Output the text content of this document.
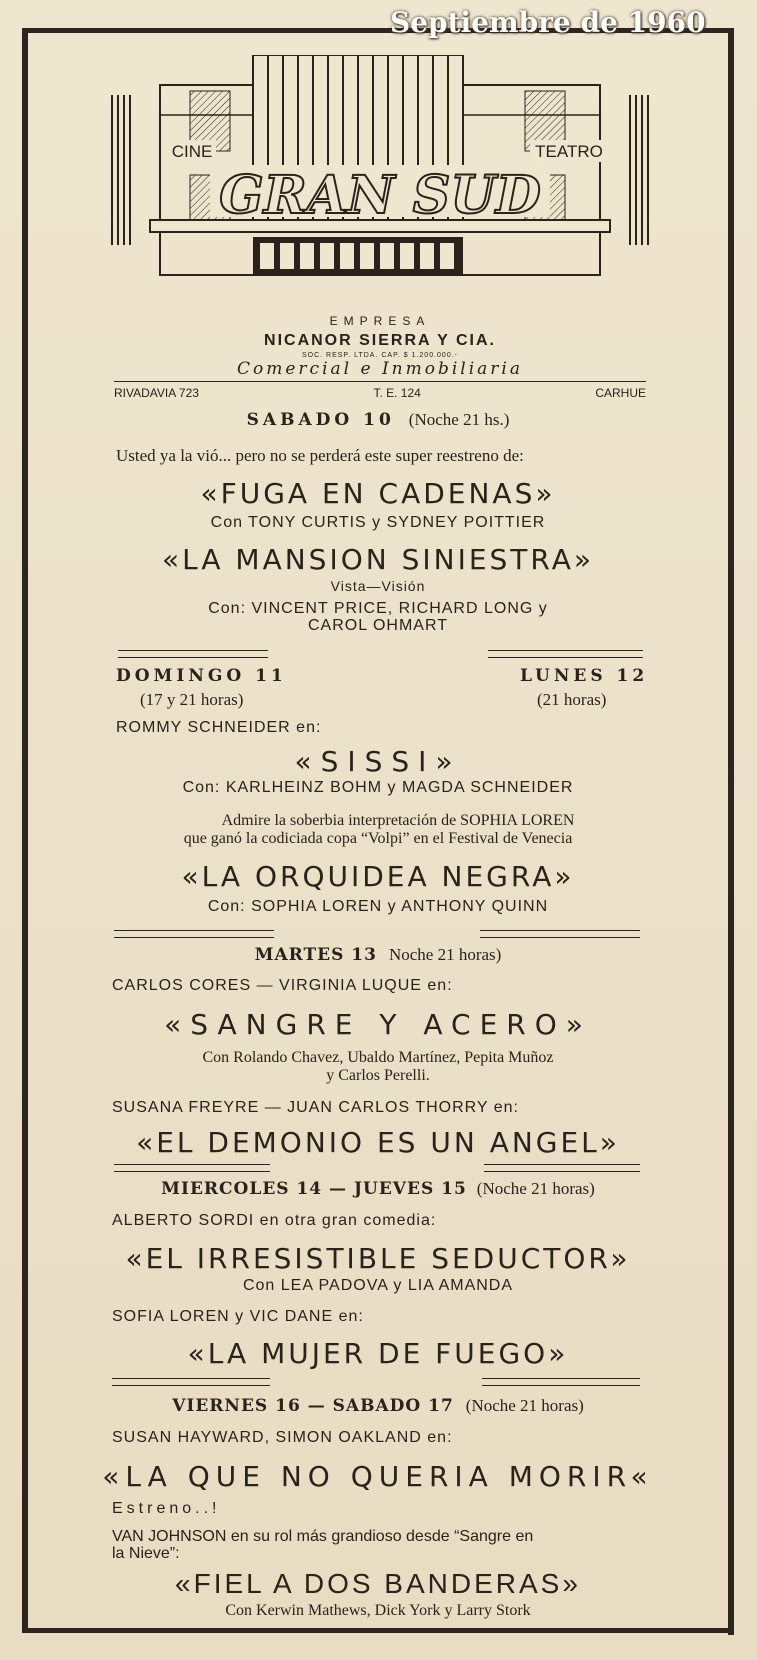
Septiembre de 1960
CINE	TEATRO
GRAN SUD
EMPRESA
NICANOR SIERRA Y CIA.
SOC. RESP. LTDA. CAP. $ 1.200.000.-
Comercial e Inmobiliaria
RIVADAVIA 723	T. E. 124	CARHUE
SABADO 10 (Noche 21 hs.)
Usted ya la vió... pero no se perderá este super reestreno de:
«FUGA EN CADENAS»
Con TONY CURTIS y SYDNEY POITTIER
«LA MANSION SINIESTRA»
Vista—Visión
Con: VINCENT PRICE, RICHARD LONG y
CAROL OHMART
DOMINGO 11
(17 y 21 horas)
LUNES 12
(21 horas)
ROMMY SCHNEIDER en:
«SISSI»
Con: KARLHEINZ BOHM y MAGDA SCHNEIDER
Admire la soberbia interpretación de SOPHIA LOREN
que ganó la codiciada copa “Volpi” en el Festival de Venecia
«LA ORQUIDEA NEGRA»
Con: SOPHIA LOREN y ANTHONY QUINN
MARTES 13 Noche 21 horas)
CARLOS CORES — VIRGINIA LUQUE en:
«SANGRE Y ACERO»
Con Rolando Chavez, Ubaldo Martínez, Pepita Muñoz
y Carlos Perelli.
SUSANA FREYRE — JUAN CARLOS THORRY en:
«EL DEMONIO ES UN ANGEL»
MIERCOLES 14 — JUEVES 15 (Noche 21 horas)
ALBERTO SORDI en otra gran comedia:
«EL IRRESISTIBLE SEDUCTOR»
Con LEA PADOVA y LIA AMANDA
SOFIA LOREN y VIC DANE en:
«LA MUJER DE FUEGO»
VIERNES 16 — SABADO 17 (Noche 21 horas)
SUSAN HAYWARD, SIMON OAKLAND en:
«LA QUE NO QUERIA MORIR«
Estreno..!
VAN JOHNSON en su rol más grandioso desde “Sangre en
la Nieve”:
«FIEL A DOS BANDERAS»
Con Kerwin Mathews, Dick York y Larry Stork
